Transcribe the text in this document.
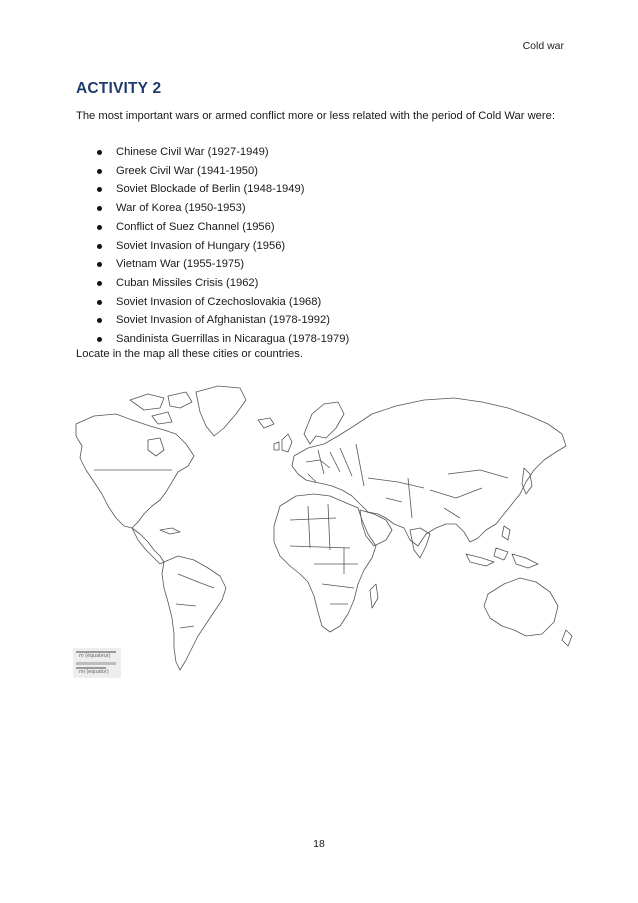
Cold war
ACTIVITY 2
The most important wars or armed conflict more or less related with the period of Cold War were:
Chinese Civil War (1927-1949)
Greek Civil War (1941-1950)
Soviet Blockade of Berlin (1948-1949)
War of Korea (1950-1953)
Conflict of Suez Channel (1956)
Soviet Invasion of Hungary (1956)
Vietnam War (1955-1975)
Cuban Missiles Crisis (1962)
Soviet Invasion of Czechoslovakia (1968)
Soviet Invasion of Afghanistan (1978-1992)
Sandinista Guerrillas in Nicaragua (1978-1979)
Locate in the map all these cities or countries.
m (équateur)
mi (equator)
18
